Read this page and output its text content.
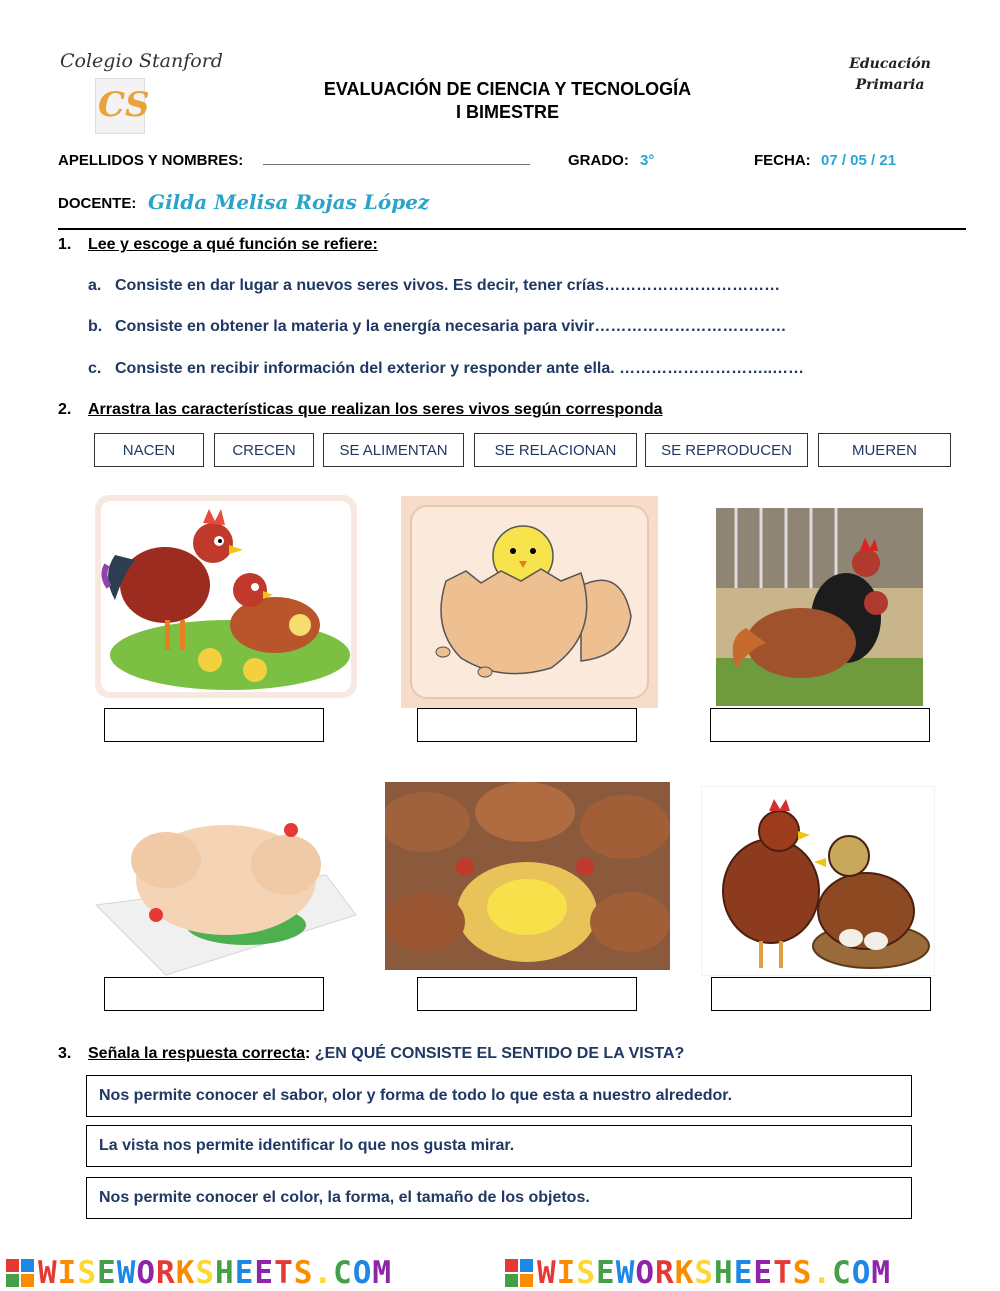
Colegio Stanford
CS	EVALUACIÓN DE CIENCIA Y TECNOLOGÍA
I BIMESTRE
Educación
Primaria
APELLIDOS Y NOMBRES: ________________________________	GRADO: 3°	FECHA: 07 / 05 / 21
DOCENTE: Gilda Melisa Rojas López
1. Lee y escoge a qué función se refiere:
a. Consiste en dar lugar a nuevos seres vivos. Es decir, tener crías……………………………
b. Consiste en obtener la materia y la energía necesaria para vivir………………………………
c. Consiste en recibir información del exterior y responder ante ella. ………………………..……
2. Arrastra las características que realizan los seres vivos según corresponda
NACEN	CRECEN	SE ALIMENTAN	SE RELACIONAN	SE REPRODUCEN	MUEREN
3. Señala la respuesta correcta: ¿EN QUÉ CONSISTE EL SENTIDO DE LA VISTA?
Nos permite conocer el sabor, olor y forma de todo lo que esta a nuestro alrededor.
La vista nos permite identificar lo que nos gusta mirar.
Nos permite conocer el color, la forma, el tamaño de los objetos.
WISEWORKSHEETS.COM	WISEWORKSHEETS.COM
